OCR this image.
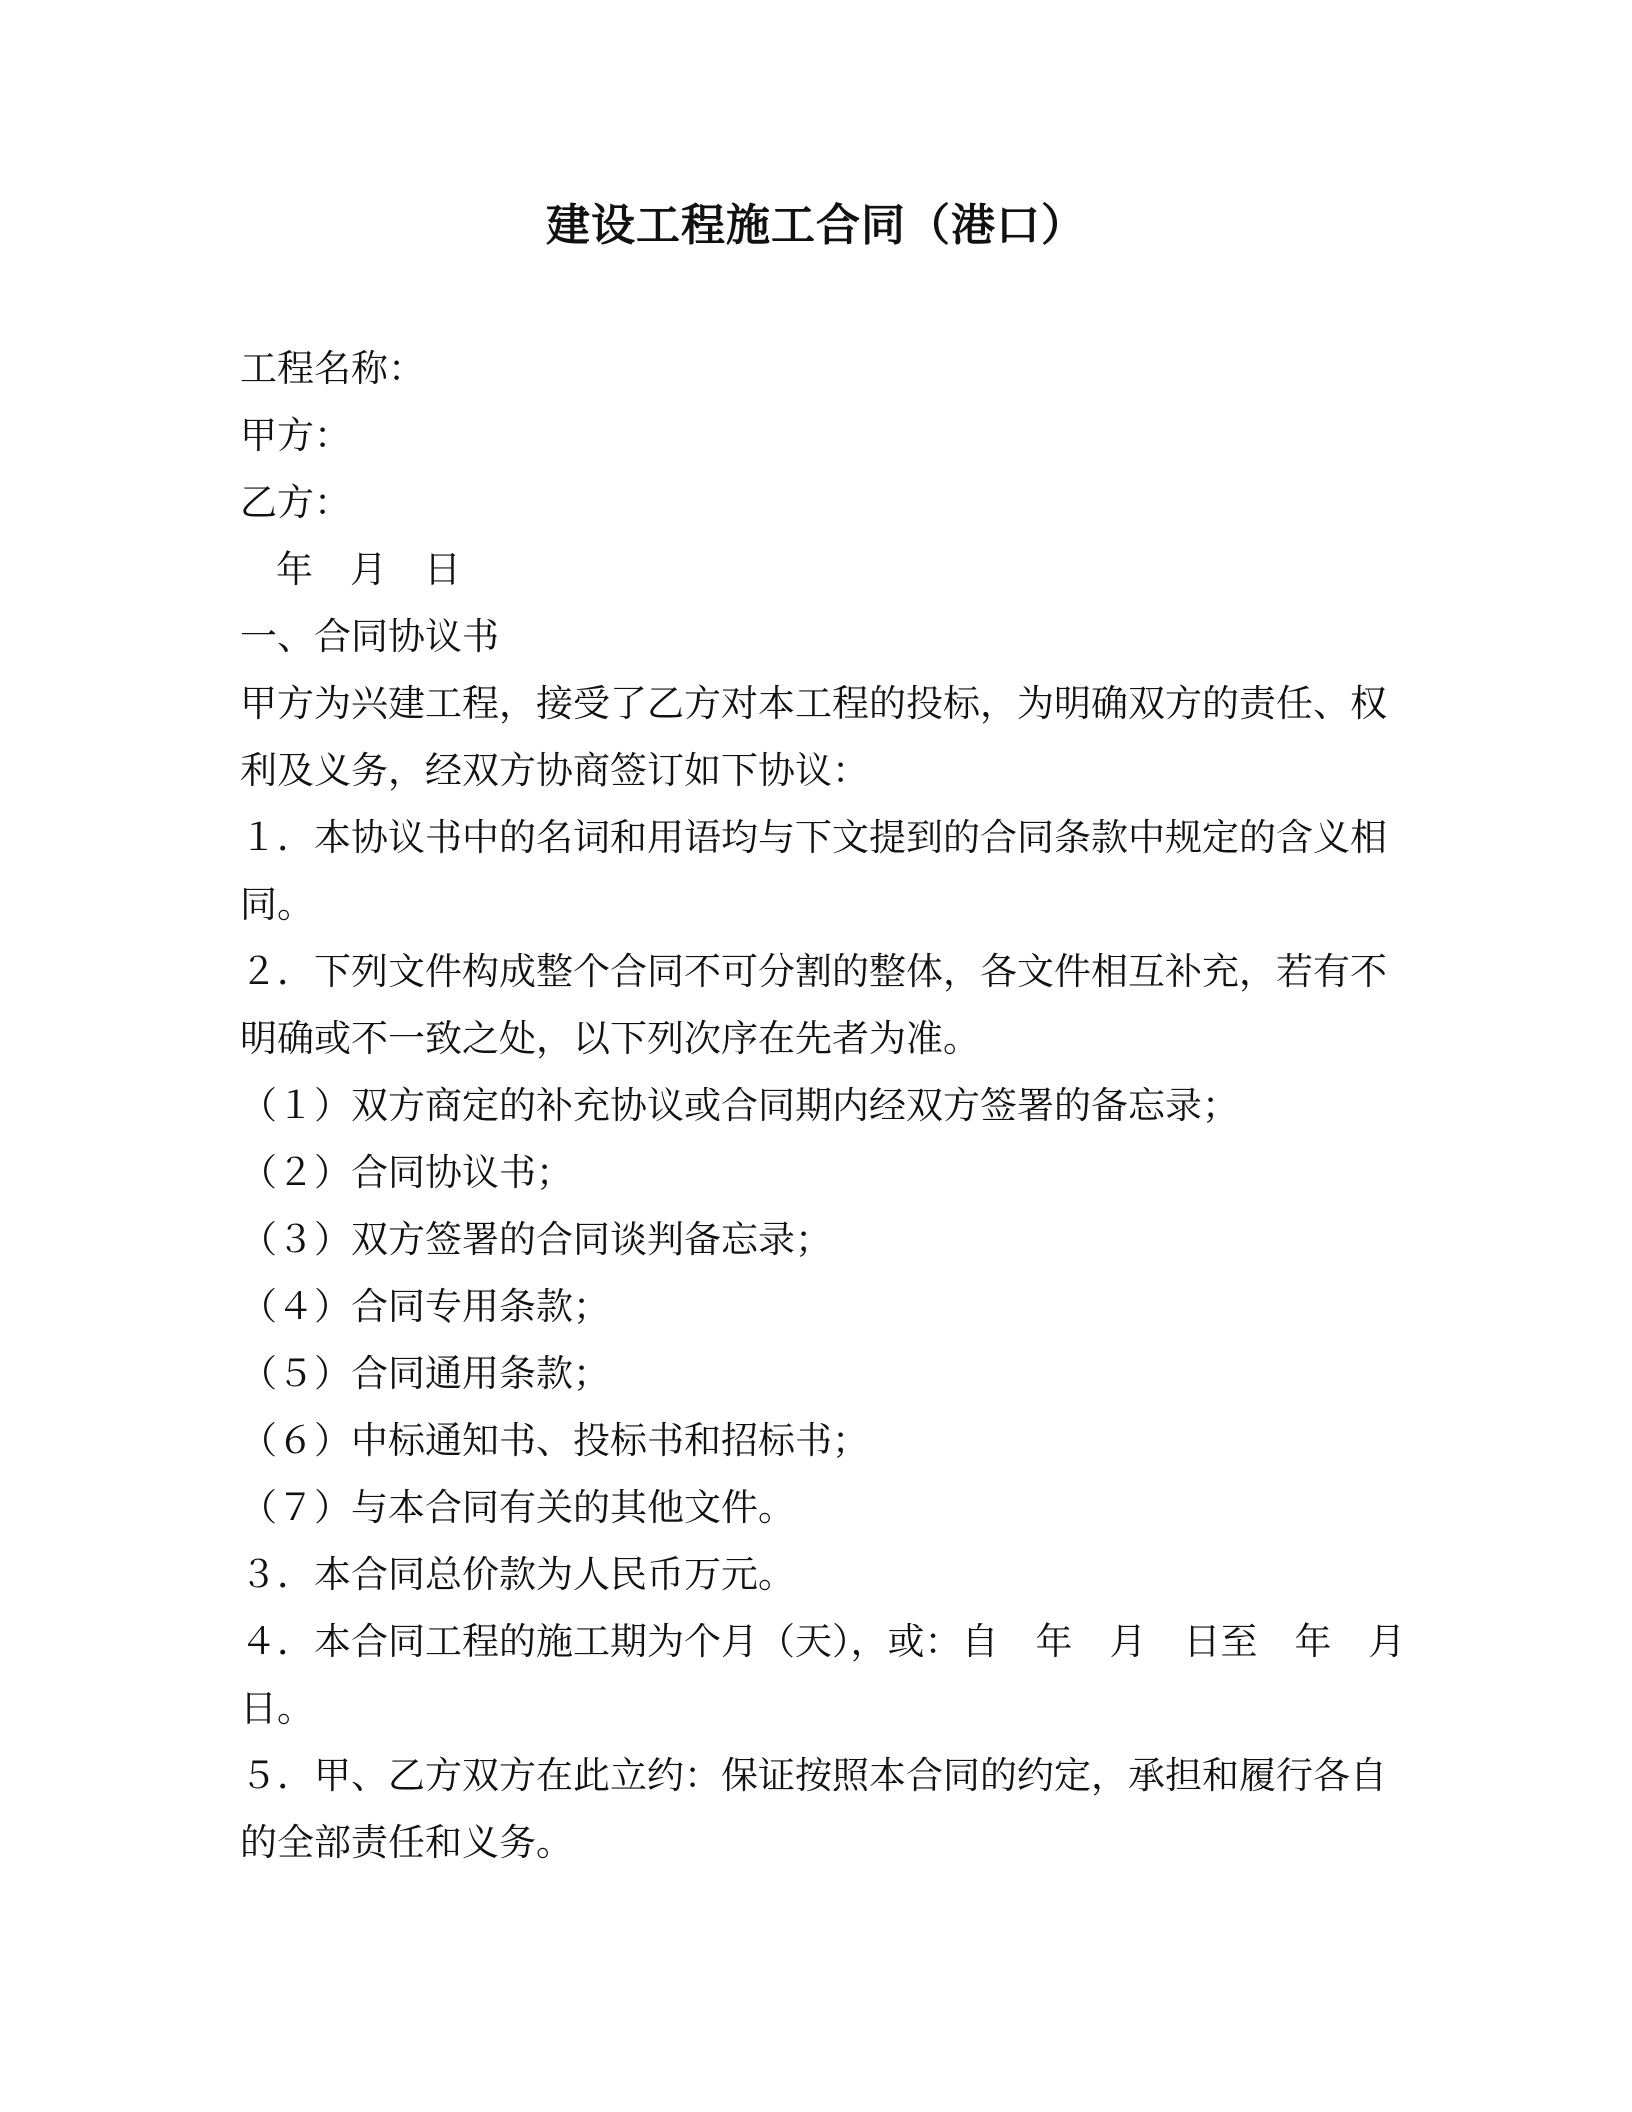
建设工程施工合同（港口）
工程名称：
甲方：
乙方：
年　月　日
一、合同协议书
甲方为兴建工程，接受了乙方对本工程的投标，为明确双方的责任、权
利及义务，经双方协商签订如下协议：
１．本协议书中的名词和用语均与下文提到的合同条款中规定的含义相
同。
２．下列文件构成整个合同不可分割的整体，各文件相互补充，若有不
明确或不一致之处，以下列次序在先者为准。
（１）双方商定的补充协议或合同期内经双方签署的备忘录；
（２）合同协议书；
（３）双方签署的合同谈判备忘录；
（４）合同专用条款；
（５）合同通用条款；
（６）中标通知书、投标书和招标书；
（７）与本合同有关的其他文件。
３．本合同总价款为人民币万元。
４．本合同工程的施工期为个月（天），或：自　年　月　日至　年　月
日。
５．甲、乙方双方在此立约：保证按照本合同的约定，承担和履行各自
的全部责任和义务。
